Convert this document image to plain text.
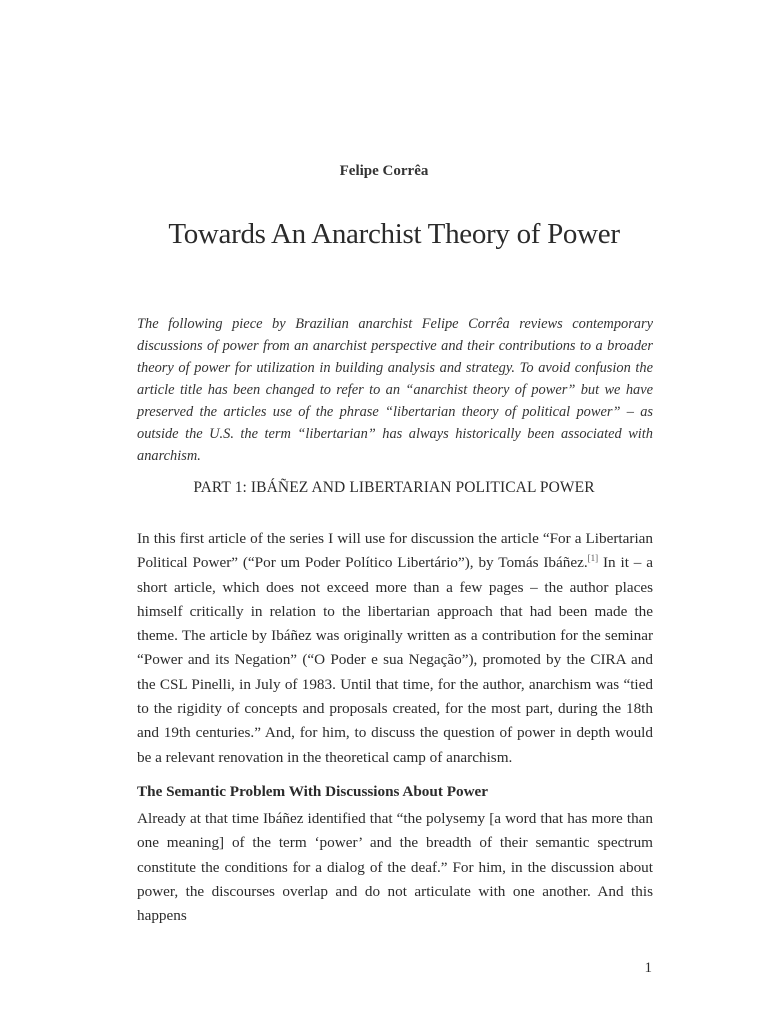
Felipe Corrêa
Towards An Anarchist Theory of Power

The following piece by Brazilian anarchist Felipe Corrêa reviews contemporary discussions of power from an anarchist perspective and their contributions to a broader theory of power for utilization in building analysis and strategy. To avoid confusion the article title has been changed to refer to an “anarchist theory of power” but we have preserved the articles use of the phrase “libertarian theory of political power” – as outside the U.S. the term “libertarian” has always historically been associated with anarchism.

PART 1: IBÁÑEZ AND LIBERTARIAN POLITICAL POWER

In this first article of the series I will use for discussion the article “For a Libertarian Political Power” (“Por um Poder Político Libertário”), by Tomás Ibáñez.[1] In it – a short article, which does not exceed more than a few pages – the author places himself critically in relation to the libertarian approach that had been made the theme. The article by Ibáñez was originally written as a contribution for the seminar “Power and its Negation” (“O Poder e sua Negação”), promoted by the CIRA and the CSL Pinelli, in July of 1983. Until that time, for the author, anarchism was “tied to the rigidity of concepts and proposals created, for the most part, during the 18th and 19th centuries.” And, for him, to discuss the question of power in depth would be a relevant renovation in the theoretical camp of anarchism.

The Semantic Problem With Discussions About Power

Already at that time Ibáñez identified that “the polysemy [a word that has more than one meaning] of the term ‘power’ and the breadth of their semantic spectrum constitute the conditions for a dialog of the deaf.” For him, in the discussion about power, the discourses overlap and do not articulate with one another. And this happens

1
